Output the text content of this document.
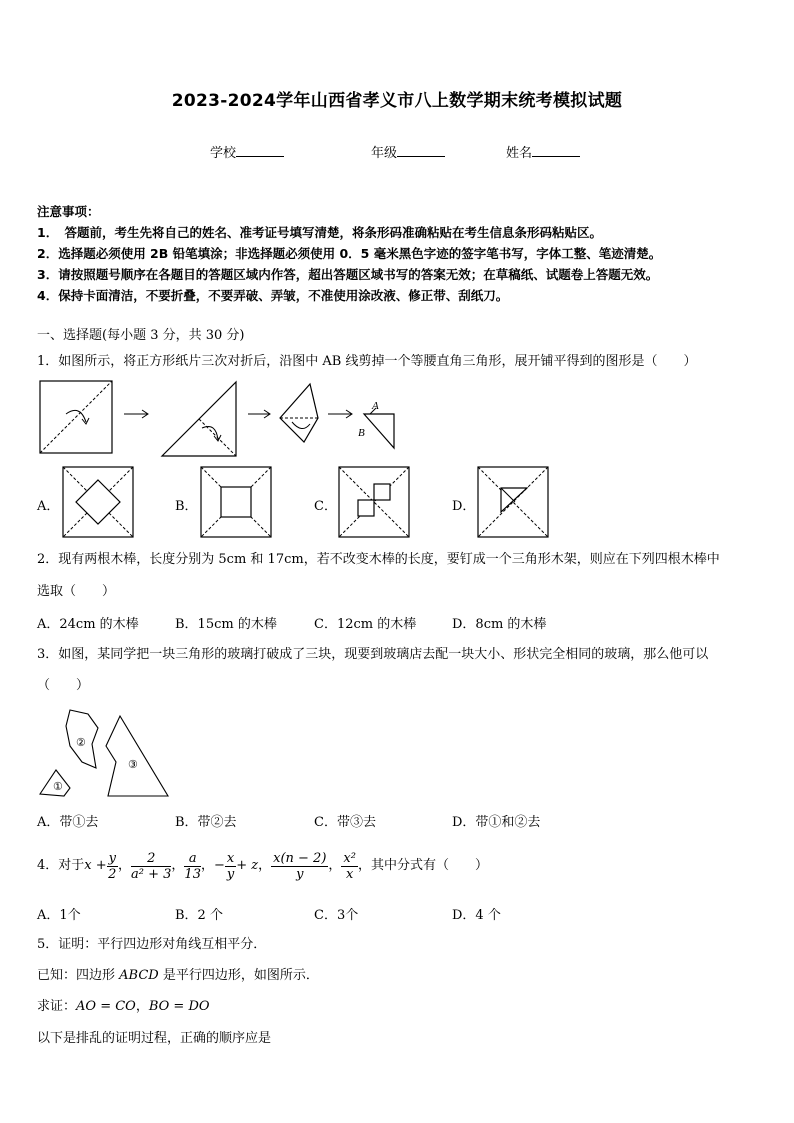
2023-2024学年山西省孝义市八上数学期末统考模拟试题
学校	年级	姓名
注意事项：
1．　答题前，考生先将自己的姓名、准考证号填写清楚，将条形码准确粘贴在考生信息条形码粘贴区。
2．选择题必须使用 2B 铅笔填涂；非选择题必须使用 0．5 毫米黑色字迹的签字笔书写，字体工整、笔迹清楚。
3．请按照题号顺序在各题目的答题区域内作答，超出答题区域书写的答案无效；在草稿纸、试题卷上答题无效。
4．保持卡面清洁，不要折叠，不要弄破、弄皱，不准使用涂改液、修正带、刮纸刀。
一、选择题(每小题 3 分，共 30 分)
1．如图所示，将正方形纸片三次对折后，沿图中 AB 线剪掉一个等腰直角三角形，展开铺平得到的图形是（　　）
A
B
A．	B．	C．	D．
2．现有两根木棒，长度分别为 5cm 和 17cm，若不改变木棒的长度，要钉成一个三角形木架，则应在下列四根木棒中
选取（　　）
A．24cm 的木棒	B．15cm 的木棒	C．12cm 的木棒	D．8cm 的木棒
3．如图，某同学把一块三角形的玻璃打破成了三块，现要到玻璃店去配一块大小、形状完全相同的玻璃，那么他可以
（　　）
①
②
③
A．带①去	B．带②去	C．带③去	D．带①和②去
4．对于 $x + \frac{y}{2}$ ， $\frac{2}{\text{a² + 3}}$ ， $\frac{a}{13}$ ， − $\frac{x}{y} + z$ ， $\frac{x(n - 2)}{y}$ ， $\frac{\text{x²}}{x}$ ，其中分式有（　　）
A．1个	B．2 个	C．3个	D．4 个
5．证明：平行四边形对角线互相平分．
已知：四边形 ABCD 是平行四边形，如图所示．
求证：AO = CO，BO = DO
以下是排乱的证明过程，正确的顺序应是
